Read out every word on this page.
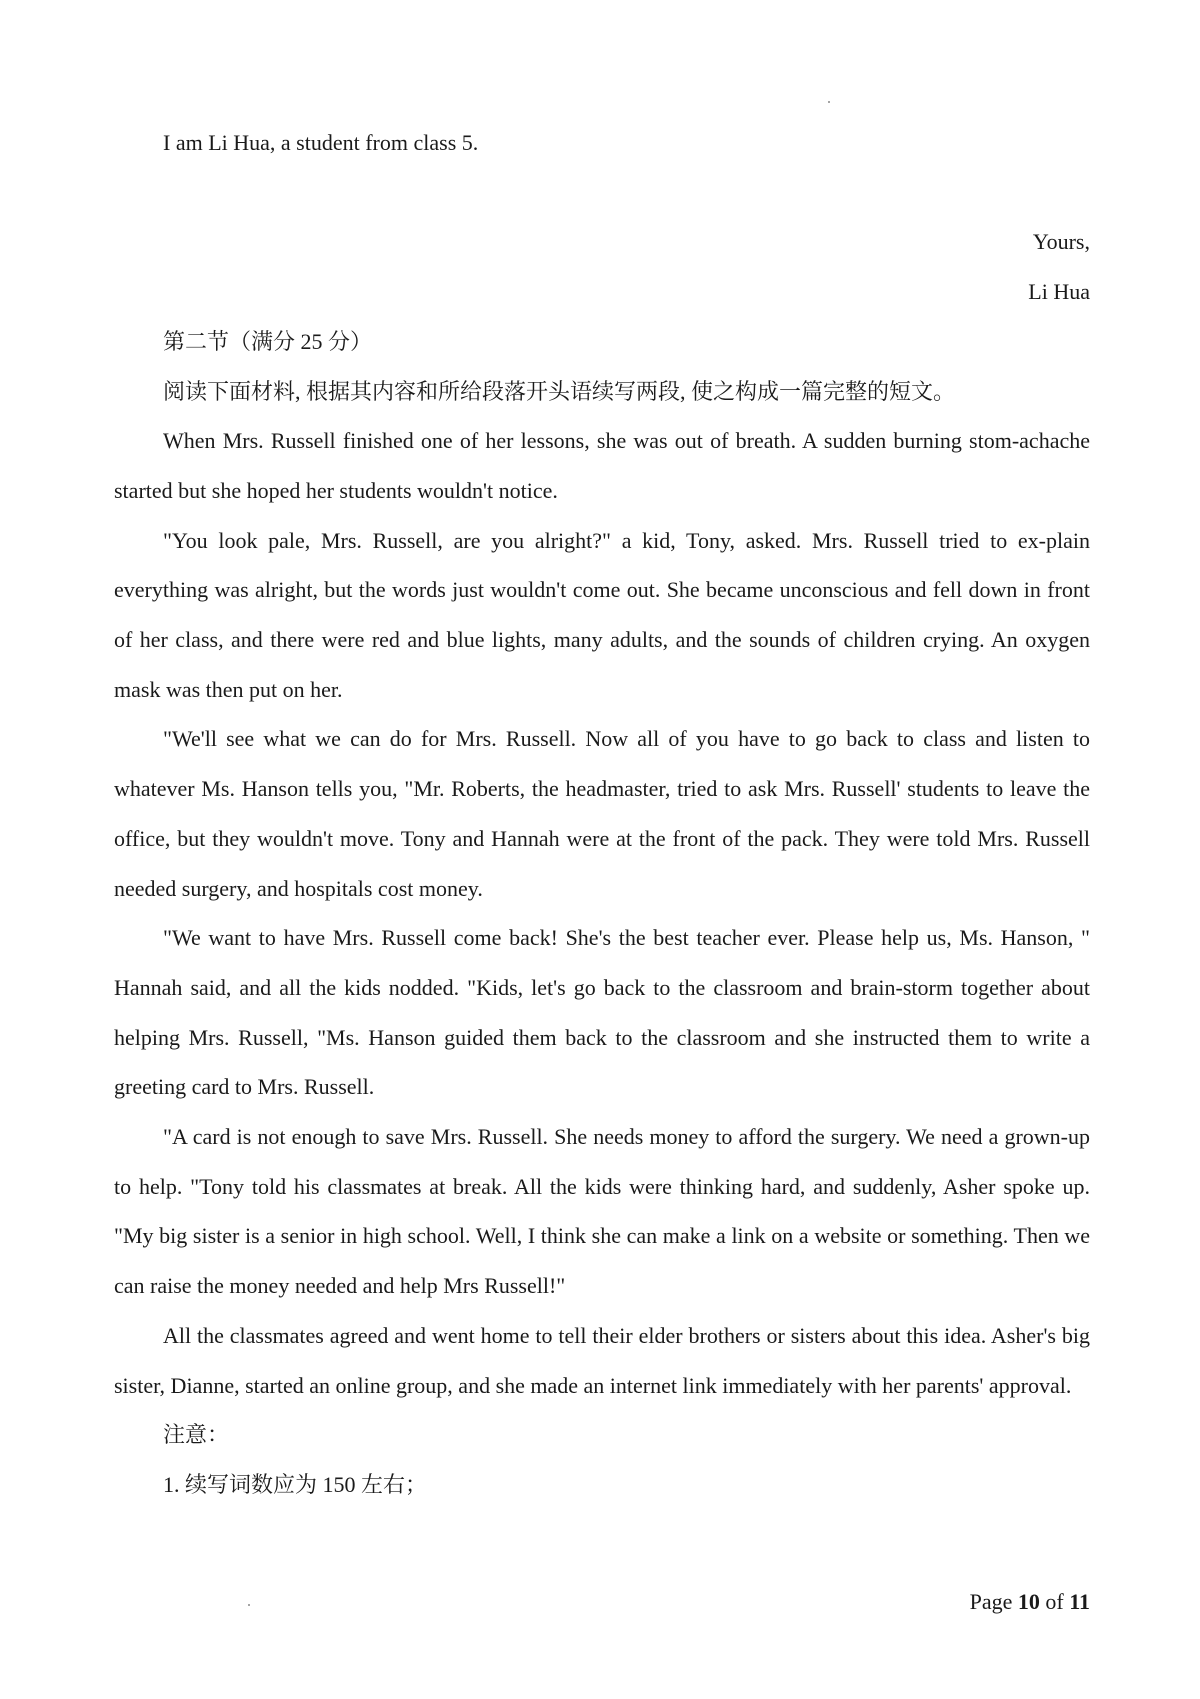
I am Li Hua, a student from class 5.

Yours,

Li Hua

第二节（满分 25 分）

阅读下面材料, 根据其内容和所给段落开头语续写两段, 使之构成一篇完整的短文。

When Mrs. Russell finished one of her lessons, she was out of breath. A sudden burning stom-achache started but she hoped her students wouldn't notice.

"You look pale, Mrs. Russell, are you alright?" a kid, Tony, asked. Mrs. Russell tried to ex-plain everything was alright, but the words just wouldn't come out. She became unconscious and fell down in front of her class, and there were red and blue lights, many adults, and the sounds of children crying. An oxygen mask was then put on her.

"We'll see what we can do for Mrs. Russell. Now all of you have to go back to class and listen to whatever Ms. Hanson tells you, "Mr. Roberts, the headmaster, tried to ask Mrs. Russell' students to leave the office, but they wouldn't move. Tony and Hannah were at the front of the pack. They were told Mrs. Russell needed surgery, and hospitals cost money.

"We want to have Mrs. Russell come back! She's the best teacher ever. Please help us, Ms. Hanson, " Hannah said, and all the kids nodded. "Kids, let's go back to the classroom and brain-storm together about helping Mrs. Russell, "Ms. Hanson guided them back to the classroom and she instructed them to write a greeting card to Mrs. Russell.

"A card is not enough to save Mrs. Russell. She needs money to afford the surgery. We need a grown-up to help. "Tony told his classmates at break. All the kids were thinking hard, and suddenly, Asher spoke up. "My big sister is a senior in high school. Well, I think she can make a link on a website or something. Then we can raise the money needed and help Mrs Russell!"

All the classmates agreed and went home to tell their elder brothers or sisters about this idea. Asher's big sister, Dianne, started an online group, and she made an internet link immediately with her parents' approval.

注意：

1. 续写词数应为 150 左右；

Page 10 of 11
